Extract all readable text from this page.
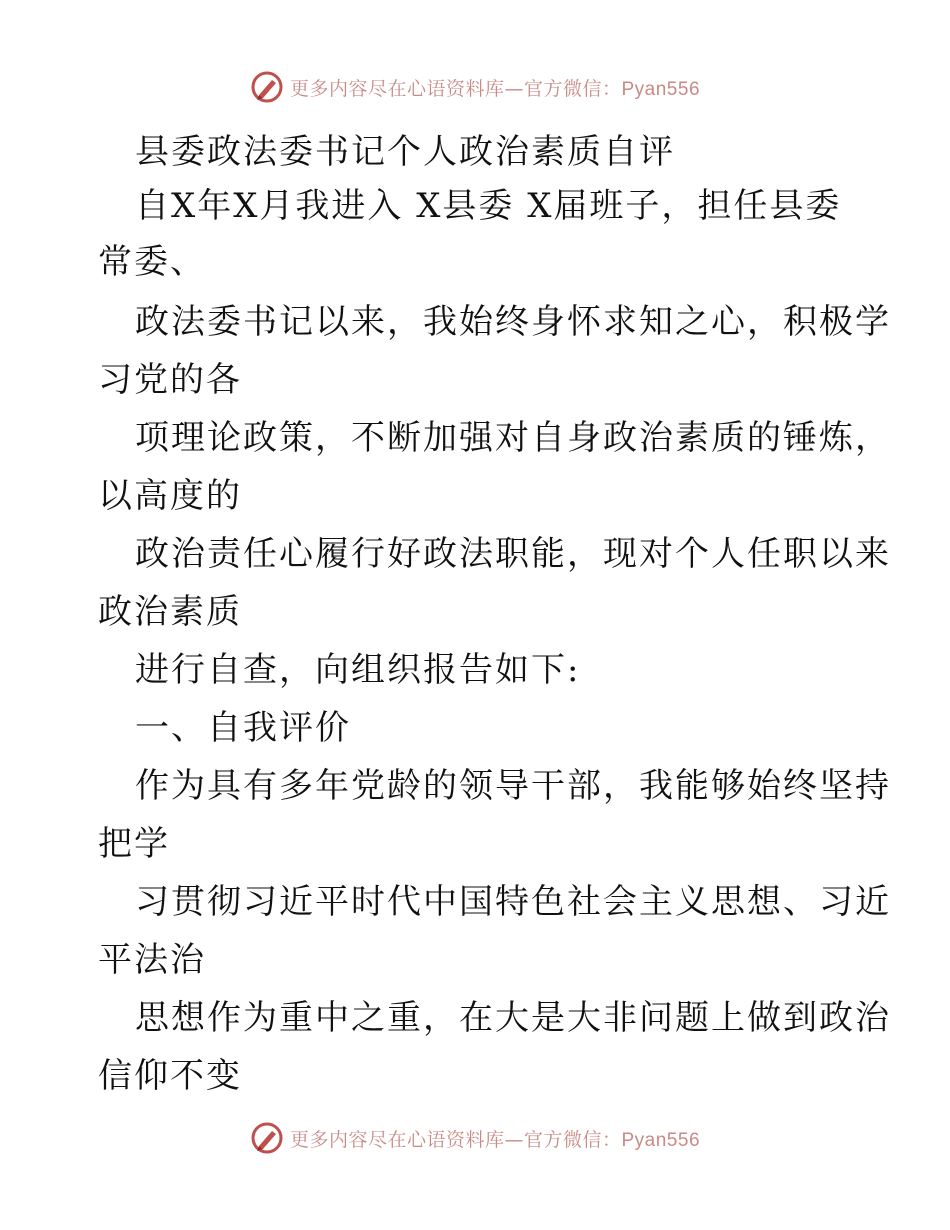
更多内容尽在心语资料库—官方微信：Pyan556
县委政法委书记个人政治素质自评
自X年X月我进入 X县委 X届班子，担任县委
常委、
政法委书记以来，我始终身怀求知之心，积极学
习党的各
项理论政策，不断加强对自身政治素质的锤炼，
以高度的
政治责任心履行好政法职能，现对个人任职以来
政治素质
进行自查，向组织报告如下:
一、自我评价
作为具有多年党龄的领导干部，我能够始终坚持
把学
习贯彻习近平时代中国特色社会主义思想、习近
平法治
思想作为重中之重，在大是大非问题上做到政治
信仰不变
更多内容尽在心语资料库—官方微信：Pyan556
